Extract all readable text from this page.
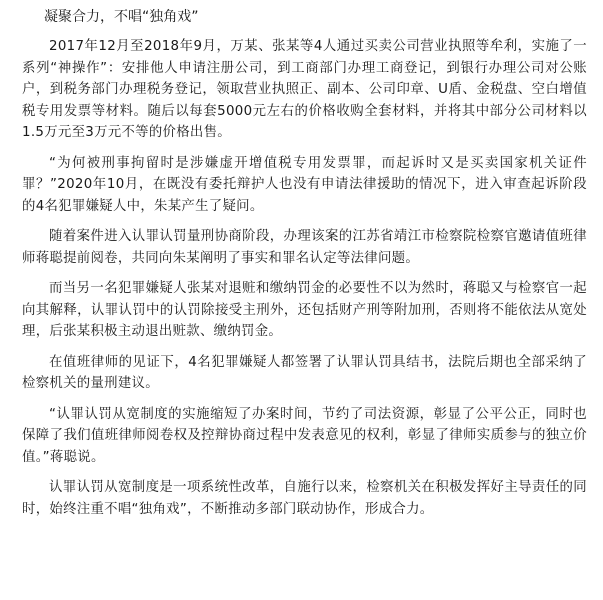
凝聚合力，不唱“独角戏”

2017年12月至2018年9月，万某、张某等4人通过买卖公司营业执照等牟利，实施了一系列“神操作”：安排他人申请注册公司，到工商部门办理工商登记，到银行办理公司对公账户，到税务部门办理税务登记，领取营业执照正、副本、公司印章、U盾、金税盘、空白增值税专用发票等材料。随后以每套5000元左右的价格收购全套材料，并将其中部分公司材料以1.5万元至3万元不等的价格出售。

“为何被刑事拘留时是涉嫌虚开增值税专用发票罪，而起诉时又是买卖国家机关证件罪？”2020年10月，在既没有委托辩护人也没有申请法律援助的情况下，进入审查起诉阶段的4名犯罪嫌疑人中，朱某产生了疑问。

随着案件进入认罪认罚量刑协商阶段，办理该案的江苏省靖江市检察院检察官邀请值班律师蒋聪提前阅卷，共同向朱某阐明了事实和罪名认定等法律问题。

而当另一名犯罪嫌疑人张某对退赃和缴纳罚金的必要性不以为然时，蒋聪又与检察官一起向其解释，认罪认罚中的认罚除接受主刑外，还包括财产刑等附加刑，否则将不能依法从宽处理，后张某积极主动退出赃款、缴纳罚金。

在值班律师的见证下，4名犯罪嫌疑人都签署了认罪认罚具结书，法院后期也全部采纳了检察机关的量刑建议。

“认罪认罚从宽制度的实施缩短了办案时间，节约了司法资源，彰显了公平公正，同时也保障了我们值班律师阅卷权及控辩协商过程中发表意见的权利，彰显了律师实质参与的独立价值。”蒋聪说。

认罪认罚从宽制度是一项系统性改革，自施行以来，检察机关在积极发挥好主导责任的同时，始终注重不唱“独角戏”，不断推动多部门联动协作，形成合力。
